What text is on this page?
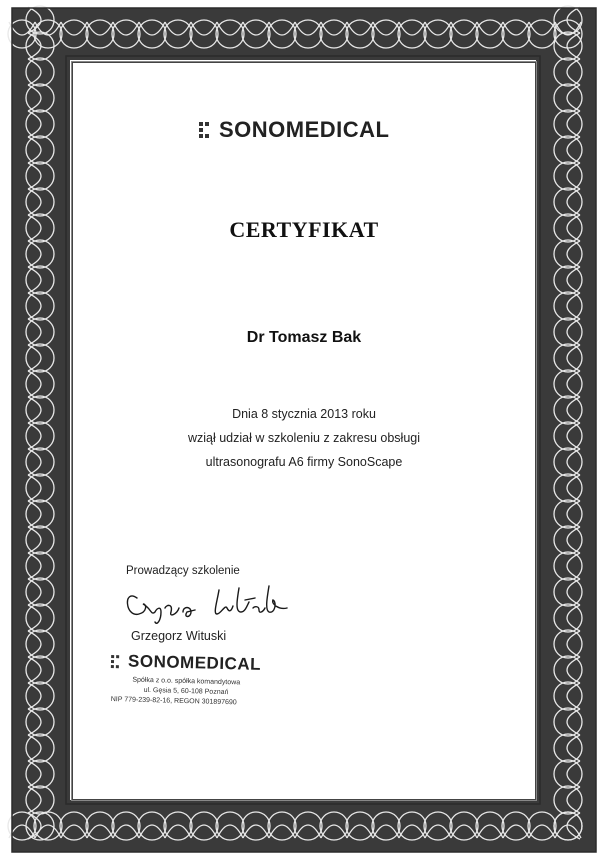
SONOMEDICAL
CERTYFIKAT
Dr Tomasz Bak
Dnia 8 stycznia 2013 roku
wziął udział w szkoleniu z zakresu obsługi
ultrasonografu A6 firmy SonoScape
Prowadzący szkolenie
Grzegorz Wituski
SONOMEDICAL
Spółka z o.o. spółka komandytowa
ul. Gęsia 5, 60-108 Poznań
NIP 779-239-82-16, REGON 301897690
